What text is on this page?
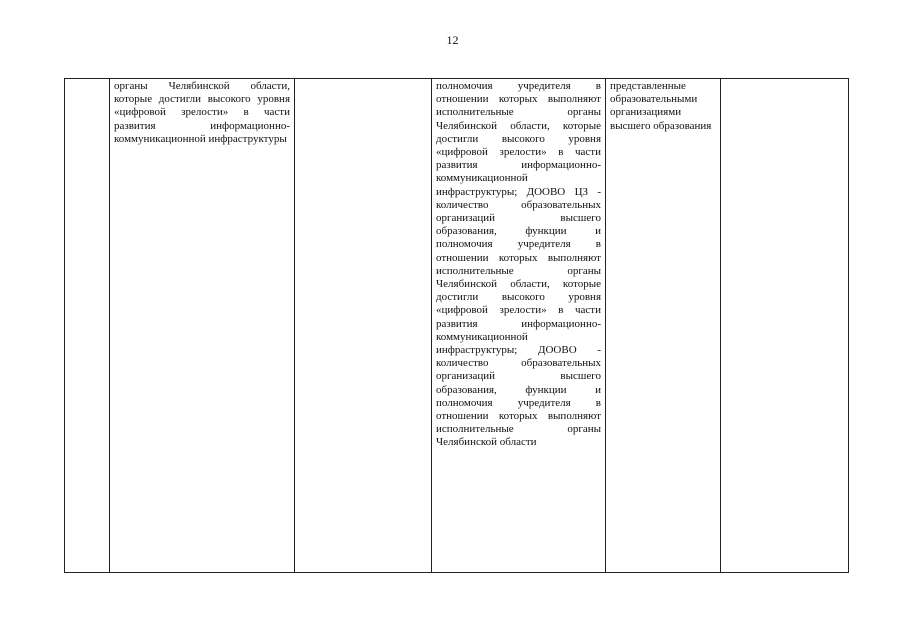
12
	органы Челябинской области, которые достигли высокого уровня «цифровой зрелости» в части развития информационно-коммуникационной инфраструктуры		полномочия учредителя в отношении которых выполняют исполнительные органы Челябинской области, которые достигли высокого уровня «цифровой зрелости» в части развития информационно-коммуникационной инфраструктуры; ДООВО ЦЗ - количество образовательных организаций высшего образования, функции и полномочия учредителя в отношении которых выполняют исполнительные органы Челябинской области, которые достигли высокого уровня «цифровой зрелости» в части развития информационно-коммуникационной инфраструктуры; ДООВО - количество образовательных организаций высшего образования, функции и полномочия учредителя в отношении которых выполняют исполнительные органы Челябинской области	представленные образовательными организациями высшего образования	
